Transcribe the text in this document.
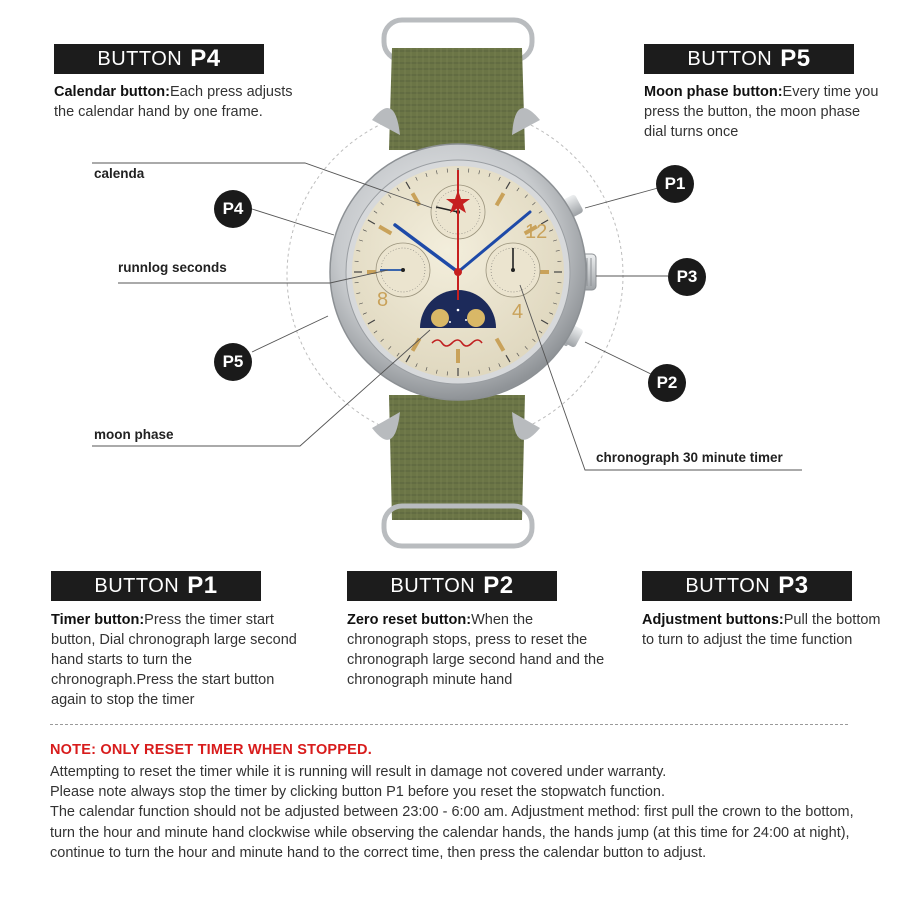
12
4
8
BUTTON P4
Calendar button:Each press adjusts the calendar hand by one frame.
BUTTON P5
Moon phase button:Every time you press the button, the moon phase dial turns once
calenda
runnlog seconds
moon phase
chronograph 30 minute timer
P4
P5
P1
P3
P2
BUTTON P1
Timer button:Press the timer start button, Dial chronograph large second hand starts to turn the chronograph.Press the start button again to stop the timer
BUTTON P2
Zero reset button:When the chronograph stops, press to reset the chronograph large second hand and the chronograph minute hand
BUTTON P3
Adjustment buttons:Pull the bottom to turn to adjust the time function
NOTE: ONLY RESET TIMER WHEN STOPPED.
Attempting to reset the timer while it is running will result in damage not covered under warranty.
Please note always stop the timer by clicking button P1 before you reset the stopwatch function.
The calendar function should not be adjusted between 23:00 - 6:00 am. Adjustment method: first pull the crown to the bottom, turn the hour and minute hand clockwise while observing the calendar hands, the hands jump (at this time for 24:00 at night), continue to turn the hour and minute hand to the correct time, then press the calendar button to adjust.
